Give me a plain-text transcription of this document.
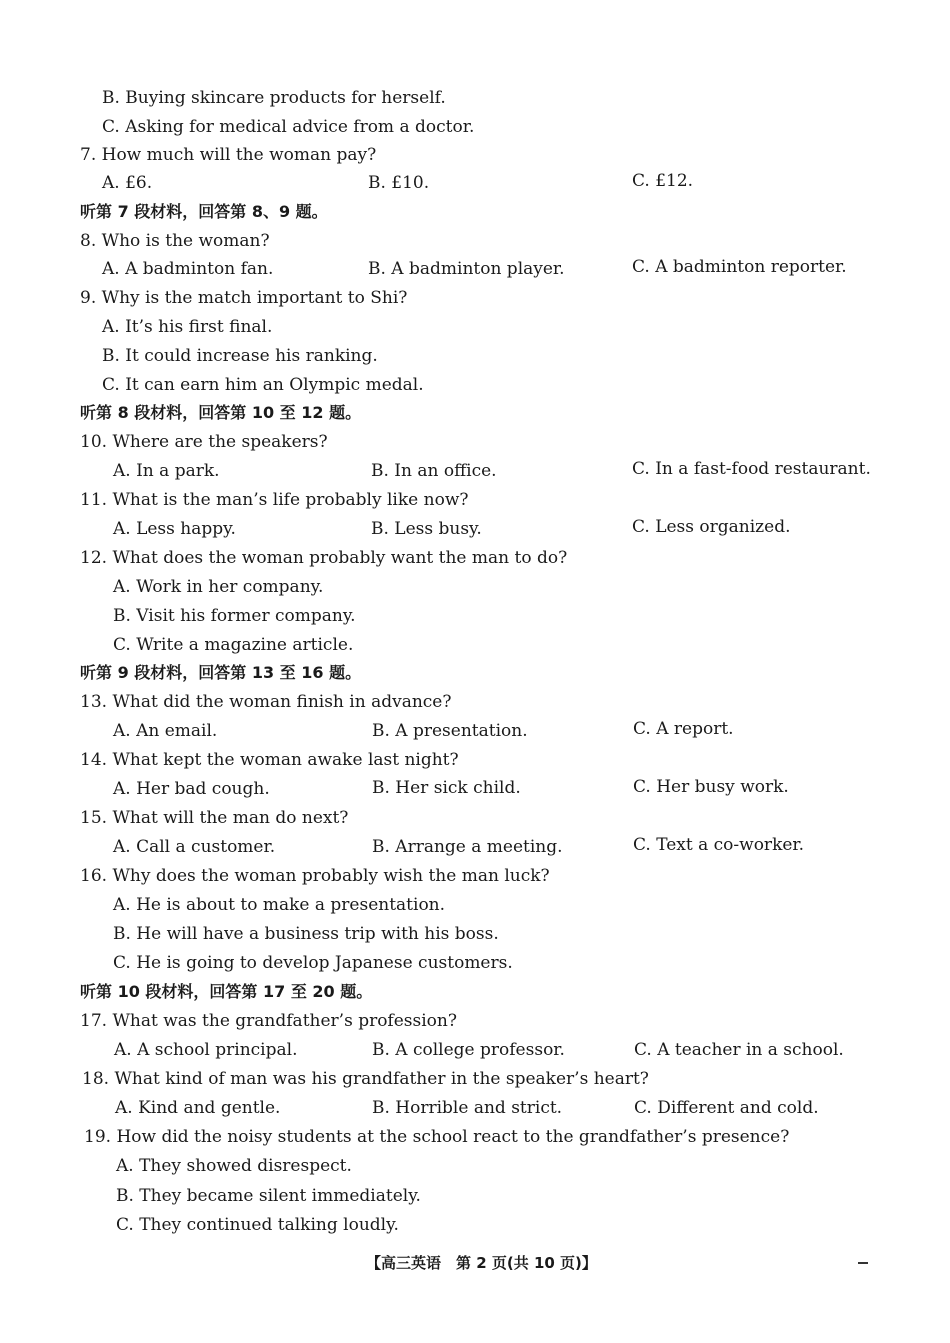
B. Buying skincare products for herself.
C. Asking for medical advice from a doctor.
7. How much will the woman pay?
A. £6.	B. £10.	C. £12.
听第 7 段材料，回答第 8、9 题。
8. Who is the woman?
A. A badminton fan.	B. A badminton player.	C. A badminton reporter.
9. Why is the match important to Shi?
A. It’s his first final.
B. It could increase his ranking.
C. It can earn him an Olympic medal.
听第 8 段材料，回答第 10 至 12 题。
10. Where are the speakers?
A. In a park.	B. In an office.	C. In a fast-food restaurant.
11. What is the man’s life probably like now?
A. Less happy.	B. Less busy.	C. Less organized.
12. What does the woman probably want the man to do?
A. Work in her company.
B. Visit his former company.
C. Write a magazine article.
听第 9 段材料，回答第 13 至 16 题。
13. What did the woman finish in advance?
A. An email.	B. A presentation.	C. A report.
14. What kept the woman awake last night?
A. Her bad cough.	B. Her sick child.	C. Her busy work.
15. What will the man do next?
A. Call a customer.	B. Arrange a meeting.	C. Text a co-worker.
16. Why does the woman probably wish the man luck?
A. He is about to make a presentation.
B. He will have a business trip with his boss.
C. He is going to develop Japanese customers.
听第 10 段材料，回答第 17 至 20 题。
17. What was the grandfather’s profession?
A. A school principal.	B. A college professor.	C. A teacher in a school.
18. What kind of man was his grandfather in the speaker’s heart?
A. Kind and gentle.	B. Horrible and strict.	C. Different and cold.
19. How did the noisy students at the school react to the grandfather’s presence?
A. They showed disrespect.
B. They became silent immediately.
C. They continued talking loudly.
【高三英语　第 2 页(共 10 页)】
